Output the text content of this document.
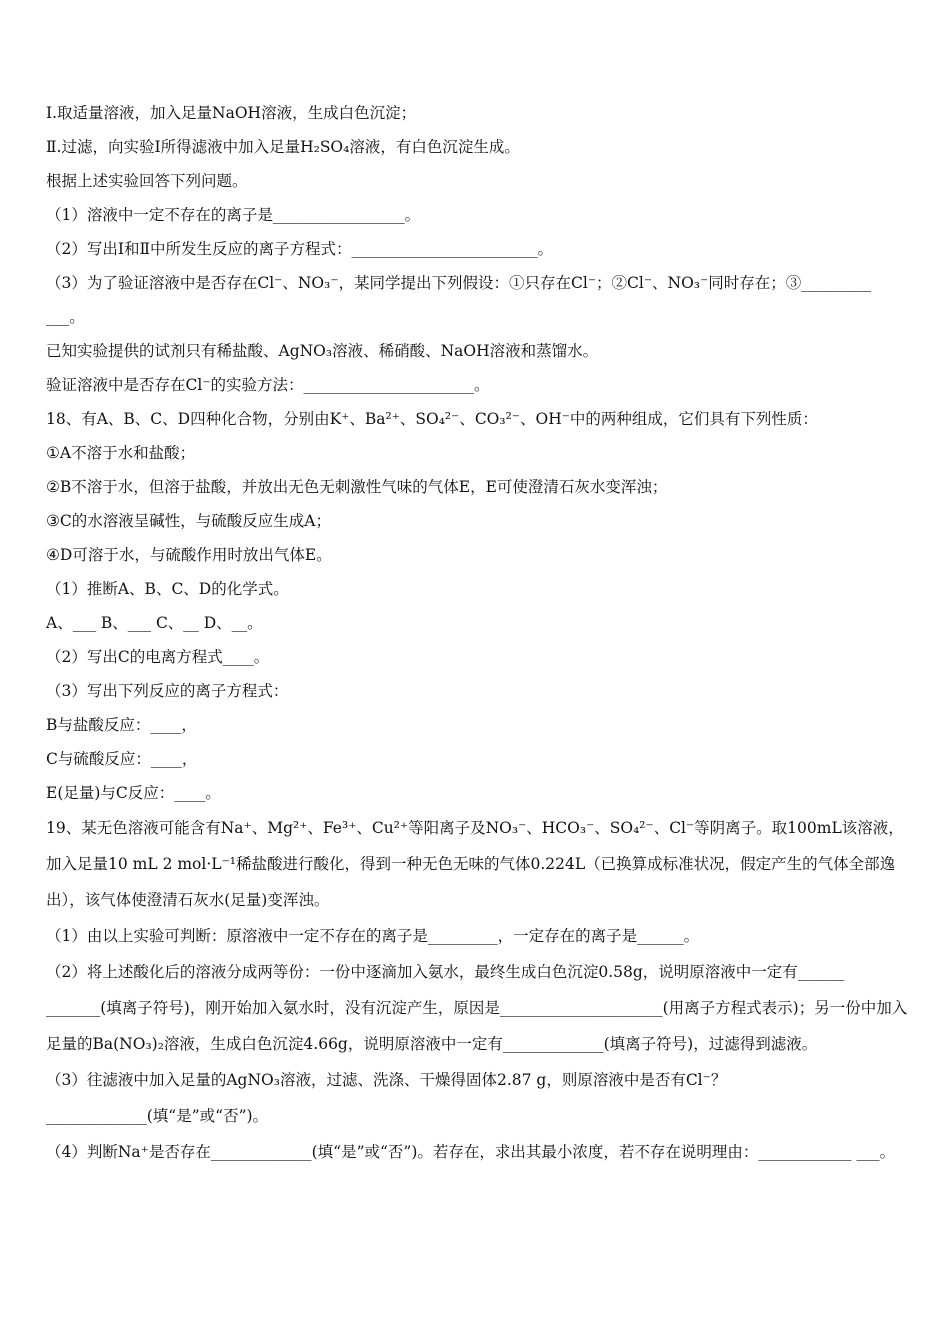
Ⅰ.取适量溶液，加入足量NaOH溶液，生成白色沉淀；
Ⅱ.过滤，向实验Ⅰ所得滤液中加入足量H₂SO₄溶液，有白色沉淀生成。
根据上述实验回答下列问题。
（1）溶液中一定不存在的离子是_________________。
（2）写出Ⅰ和Ⅱ中所发生反应的离子方程式：________________________。
（3）为了验证溶液中是否存在Cl⁻、NO₃⁻，某同学提出下列假设：①只存在Cl⁻；②Cl⁻、NO₃⁻同时存在；③_________
___。
已知实验提供的试剂只有稀盐酸、AgNO₃溶液、稀硝酸、NaOH溶液和蒸馏水。
验证溶液中是否存在Cl⁻的实验方法：______________________。
18、有A、B、C、D四种化合物，分别由K⁺、Ba²⁺、SO₄²⁻、CO₃²⁻、OH⁻中的两种组成，它们具有下列性质：
①A不溶于水和盐酸；
②B不溶于水，但溶于盐酸，并放出无色无刺激性气味的气体E，E可使澄清石灰水变浑浊；
③C的水溶液呈碱性，与硫酸反应生成A；
④D可溶于水，与硫酸作用时放出气体E。
（1）推断A、B、C、D的化学式。
A、___ B、___ C、__ D、__。
（2）写出C的电离方程式____。
（3）写出下列反应的离子方程式：
B与盐酸反应：____，
C与硫酸反应：____，
E(足量)与C反应：____。
19、某无色溶液可能含有Na⁺、Mg²⁺、Fe³⁺、Cu²⁺等阳离子及NO₃⁻、HCO₃⁻、SO₄²⁻、Cl⁻等阴离子。取100mL该溶液，加入足量10 mL 2 mol·L⁻¹稀盐酸进行酸化，得到一种无色无味的气体0.224L（已换算成标准状况，假定产生的气体全部逸出），该气体使澄清石灰水(足量)变浑浊。
（1）由以上实验可判断：原溶液中一定不存在的离子是_________，一定存在的离子是______。
（2）将上述酸化后的溶液分成两等份：一份中逐滴加入氨水，最终生成白色沉淀0.58g，说明原溶液中一定有______ _______(填离子符号)，刚开始加入氨水时，没有沉淀产生，原因是_____________________(用离子方程式表示)；另一份中加入足量的Ba(NO₃)₂溶液，生成白色沉淀4.66g，说明原溶液中一定有_____________(填离子符号)，过滤得到滤液。
（3）往滤液中加入足量的AgNO₃溶液，过滤、洗涤、干燥得固体2.87 g，则原溶液中是否有Cl⁻？_____________(填“是”或“否”)。
（4）判断Na⁺是否存在_____________(填“是”或“否”)。若存在，求出其最小浓度，若不存在说明理由：____________ ___。
